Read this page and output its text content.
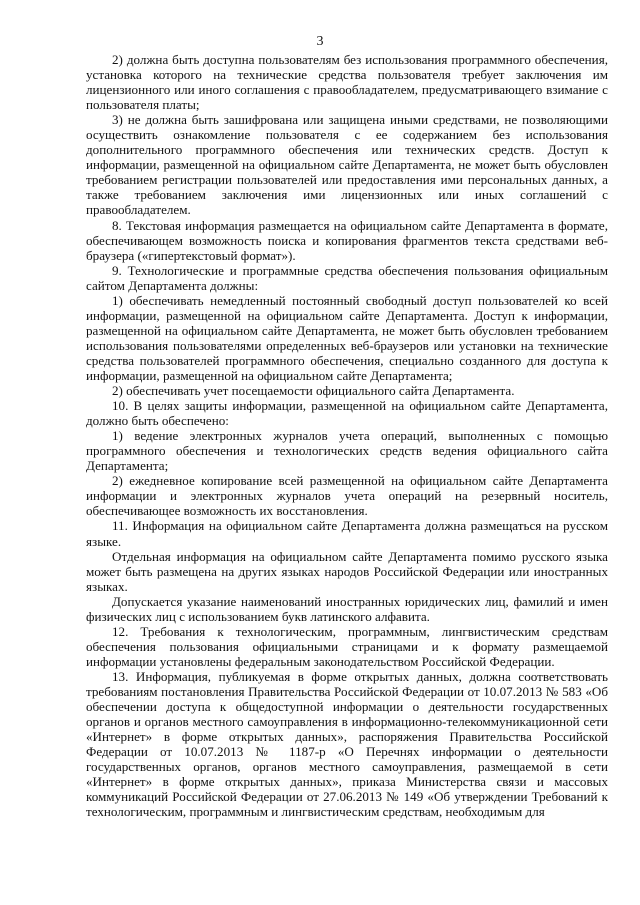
3

2) должна быть доступна пользователям без использования программного обеспечения, установка которого на технические средства пользователя требует заключения им лицензионного или иного соглашения с правообладателем, предусматривающего взимание с пользователя платы;

3) не должна быть зашифрована или защищена иными средствами, не позволяющими осуществить ознакомление пользователя с ее содержанием без использования дополнительного программного обеспечения или технических средств. Доступ к информации, размещенной на официальном сайте Департамента, не может быть обусловлен требованием регистрации пользователей или предоставления ими персональных данных, а также требованием заключения ими лицензионных или иных соглашений с правообладателем.

8. Текстовая информация размещается на официальном сайте Департамента в формате, обеспечивающем возможность поиска и копирования фрагментов текста средствами веб-браузера («гипертекстовый формат»).

9. Технологические и программные средства обеспечения пользования официальным сайтом Департамента должны:

1) обеспечивать немедленный постоянный свободный доступ пользователей ко всей информации, размещенной на официальном сайте Департамента. Доступ к информации, размещенной на официальном сайте Департамента, не может быть обусловлен требованием использования пользователями определенных веб-браузеров или установки на технические средства пользователей программного обеспечения, специально созданного для доступа к информации, размещенной на официальном сайте Департамента;

2) обеспечивать учет посещаемости официального сайта Департамента.

10. В целях защиты информации, размещенной на официальном сайте Департамента, должно быть обеспечено:

1) ведение электронных журналов учета операций, выполненных с помощью программного обеспечения и технологических средств ведения официального сайта Департамента;

2) ежедневное копирование всей размещенной на официальном сайте Департамента информации и электронных журналов учета операций на резервный носитель, обеспечивающее возможность их восстановления.

11. Информация на официальном сайте Департамента должна размещаться на русском языке.

Отдельная информация на официальном сайте Департамента помимо русского языка может быть размещена на других языках народов Российской Федерации или иностранных языках.

Допускается указание наименований иностранных юридических лиц, фамилий и имен физических лиц с использованием букв латинского алфавита.

12. Требования к технологическим, программным, лингвистическим средствам обеспечения пользования официальными страницами и к формату размещаемой информации установлены федеральным законодательством Российской Федерации.

13. Информация, публикуемая в форме открытых данных, должна соответствовать требованиям постановления Правительства Российской Федерации от 10.07.2013 № 583 «Об обеспечении доступа к общедоступной информации о деятельности государственных органов и органов местного самоуправления в информационно-телекоммуникационной сети «Интернет» в форме открытых данных», распоряжения Правительства Российской Федерации от 10.07.2013 № 1187-р «О Перечнях информации о деятельности государственных органов, органов местного самоуправления, размещаемой в сети «Интернет» в форме открытых данных», приказа Министерства связи и массовых коммуникаций Российской Федерации от 27.06.2013 № 149 «Об утверждении Требований к технологическим, программным и лингвистическим средствам, необходимым для
